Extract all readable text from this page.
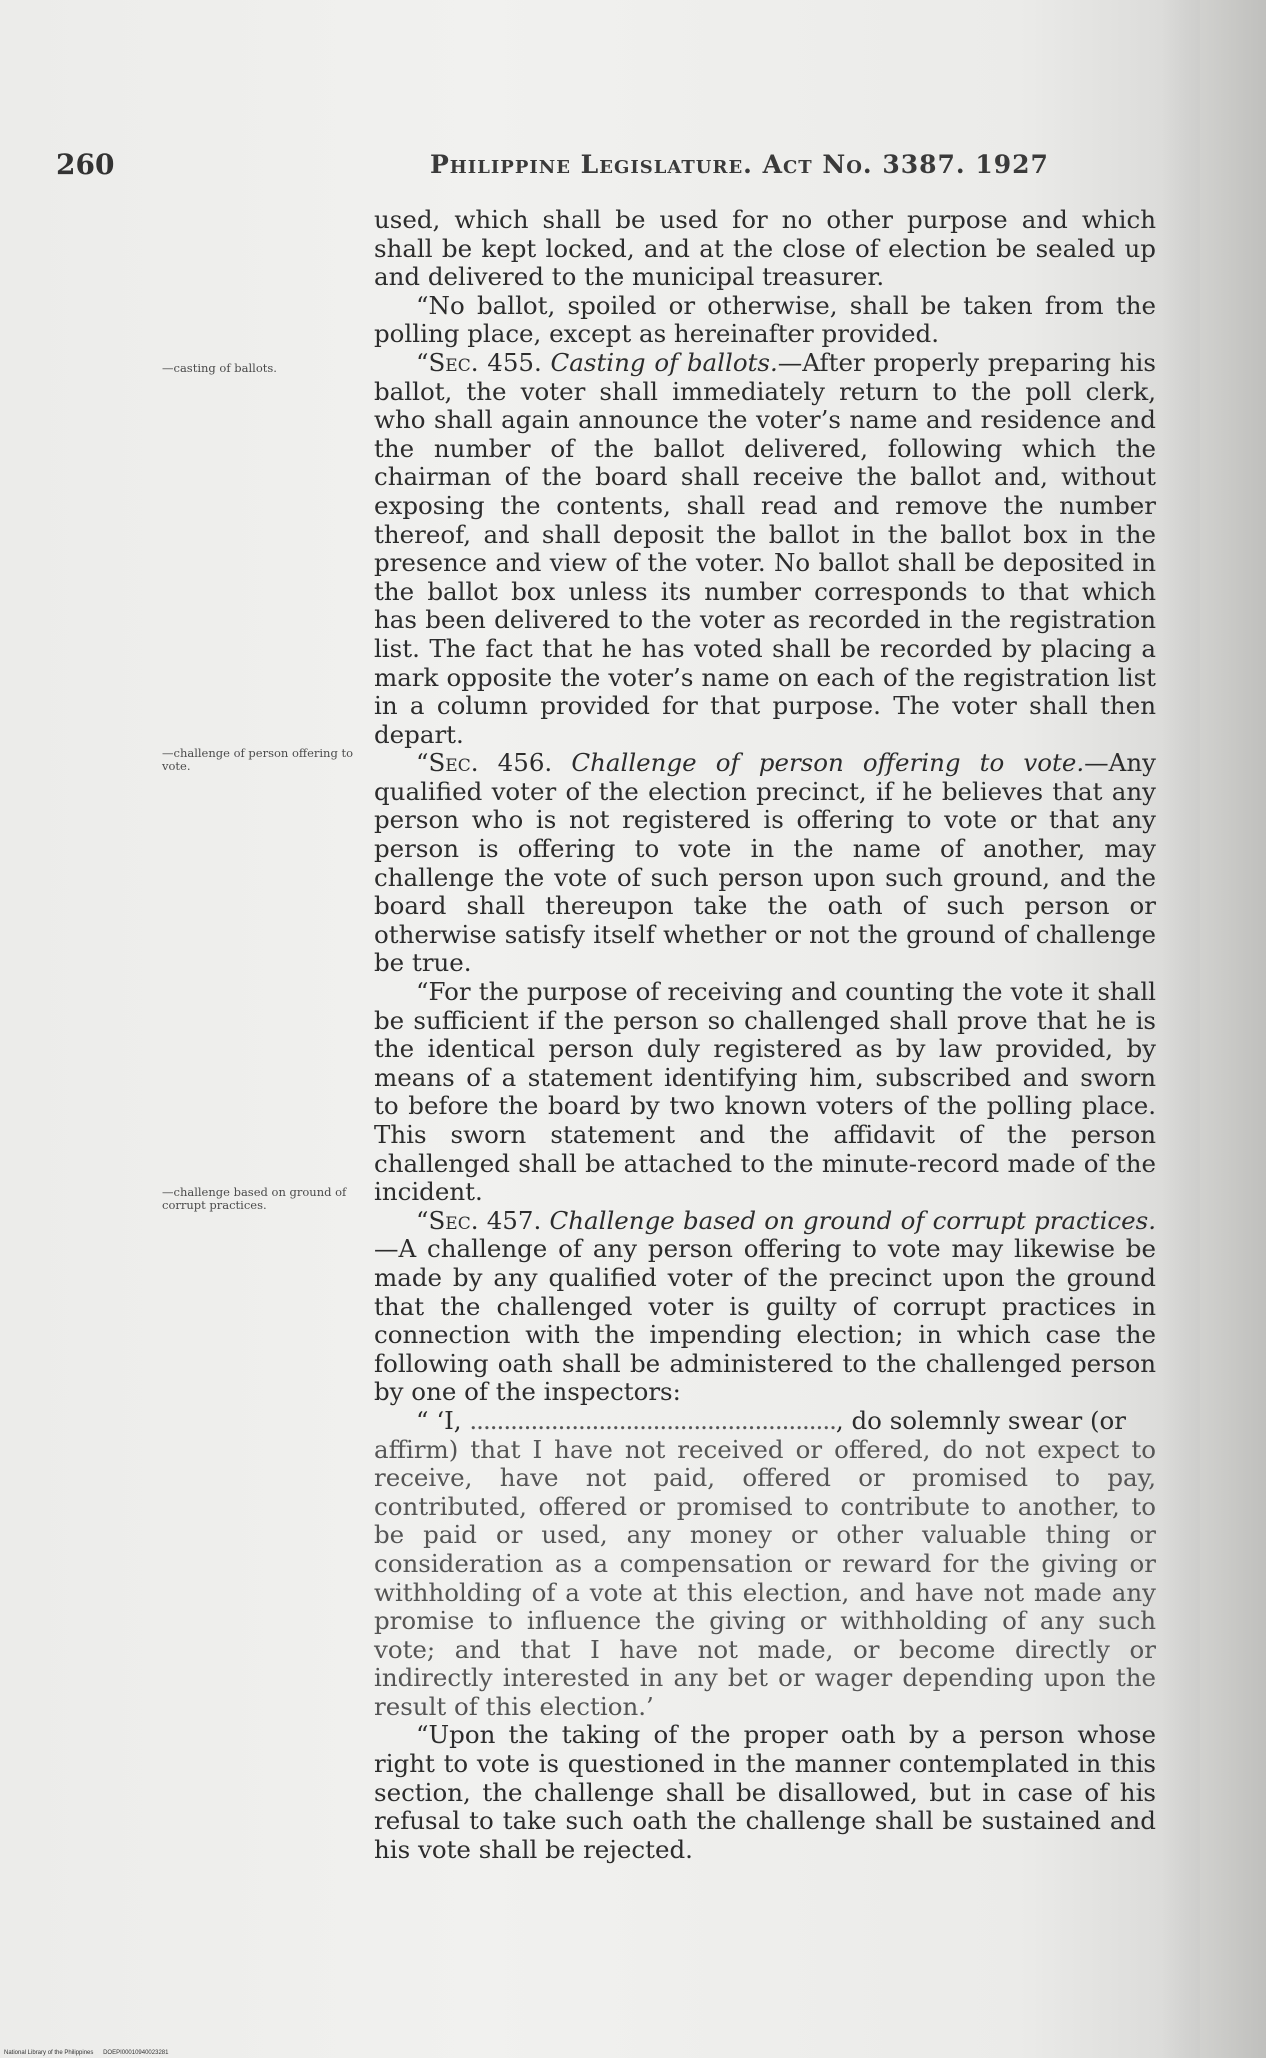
260	Philippine Legislature. Act No. 3387. 1927
—casting of ballots.
—challenge of person offering to vote.
—challenge based on ground of corrupt practices.

used, which shall be used for no other purpose and which shall be kept locked, and at the close of election be sealed up and delivered to the municipal treasurer.

“No ballot, spoiled or otherwise, shall be taken from the polling place, except as hereinafter provided.

“Sec. 455. Casting of ballots.—After properly preparing his ballot, the voter shall immediately return to the poll clerk, who shall again announce the voter’s name and residence and the number of the ballot delivered, following which the chairman of the board shall receive the ballot and, without exposing the contents, shall read and remove the number thereof, and shall deposit the ballot in the ballot box in the presence and view of the voter. No ballot shall be deposited in the ballot box unless its number corresponds to that which has been delivered to the voter as recorded in the registration list. The fact that he has voted shall be recorded by placing a mark opposite the voter’s name on each of the registration list in a column provided for that purpose. The voter shall then depart.

“Sec. 456. Challenge of person offering to vote.—Any qualified voter of the election precinct, if he believes that any person who is not registered is offering to vote or that any person is offering to vote in the name of another, may challenge the vote of such person upon such ground, and the board shall thereupon take the oath of such person or otherwise satisfy itself whether or not the ground of challenge be true.

“For the purpose of receiving and counting the vote it shall be sufficient if the person so challenged shall prove that he is the identical person duly registered as by law provided, by means of a statement identifying him, subscribed and sworn to before the board by two known voters of the polling place. This sworn statement and the affidavit of the person challenged shall be attached to the minute-record made of the incident.

“Sec. 457. Challenge based on ground of corrupt practices.—A challenge of any person offering to vote may likewise be made by any qualified voter of the precinct upon the ground that the challenged voter is guilty of corrupt practices in connection with the impending election; in which case the following oath shall be administered to the challenged person by one of the inspectors:

“ ‘I, ......................................................, do solemnly swear (or

affirm) that I have not received or offered, do not expect to receive, have not paid, offered or promised to pay, contributed, offered or promised to contribute to another, to be paid or used, any money or other valuable thing or consideration as a compensation or reward for the giving or withholding of a vote at this election, and have not made any promise to influence the giving or withholding of any such vote; and that I have not made, or become directly or indirectly interested in any bet or wager depending upon the result of this election.’

“Upon the taking of the proper oath by a person whose right to vote is questioned in the manner contemplated in this section, the challenge shall be disallowed, but in case of his refusal to take such oath the challenge shall be sustained and his vote shall be rejected.

National Library of the Philippines DOEPI00010940023281
